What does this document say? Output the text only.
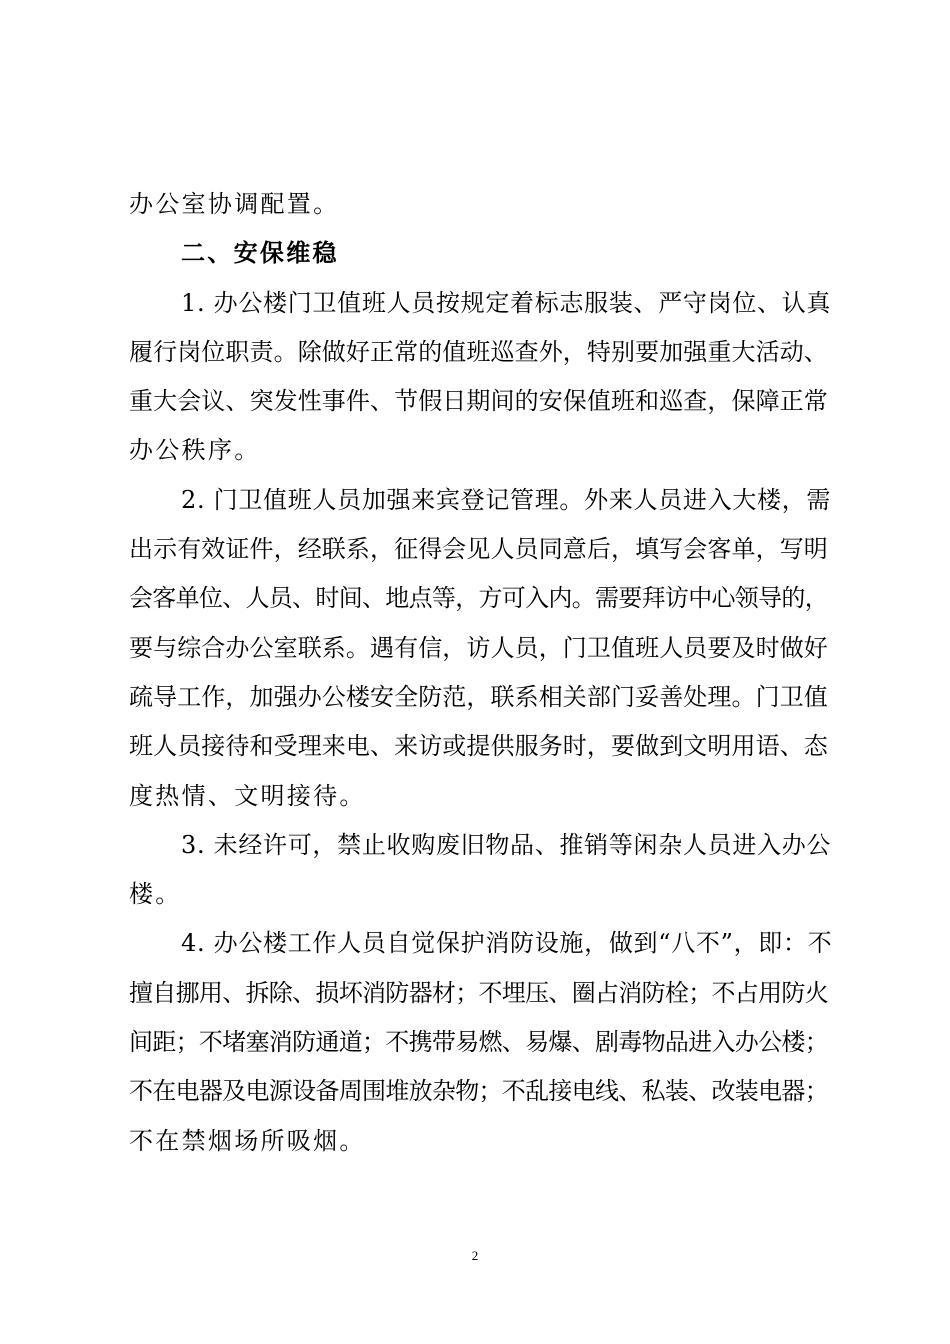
办公室协调配置。
二、安保维稳
1. 办公楼门卫值班人员按规定着标志服装、严守岗位、认真
履行岗位职责。除做好正常的值班巡查外，特别要加强重大活动、
重大会议、突发性事件、节假日期间的安保值班和巡查，保障正常
办公秩序。
2. 门卫值班人员加强来宾登记管理。外来人员进入大楼，需
出示有效证件，经联系，征得会见人员同意后，填写会客单，写明
会客单位、人员、时间、地点等，方可入内。需要拜访中心领导的，
要与综合办公室联系。遇有信，访人员，门卫值班人员要及时做好
疏导工作，加强办公楼安全防范，联系相关部门妥善处理。门卫值
班人员接待和受理来电、来访或提供服务时，要做到文明用语、态
度热情、文明接待。
3. 未经许可，禁止收购废旧物品、推销等闲杂人员进入办公
楼。
4. 办公楼工作人员自觉保护消防设施，做到“八不”，即：不
擅自挪用、拆除、损坏消防器材；不埋压、圈占消防栓；不占用防火
间距；不堵塞消防通道；不携带易燃、易爆、剧毒物品进入办公楼；
不在电器及电源设备周围堆放杂物；不乱接电线、私装、改装电器；
不在禁烟场所吸烟。
2
